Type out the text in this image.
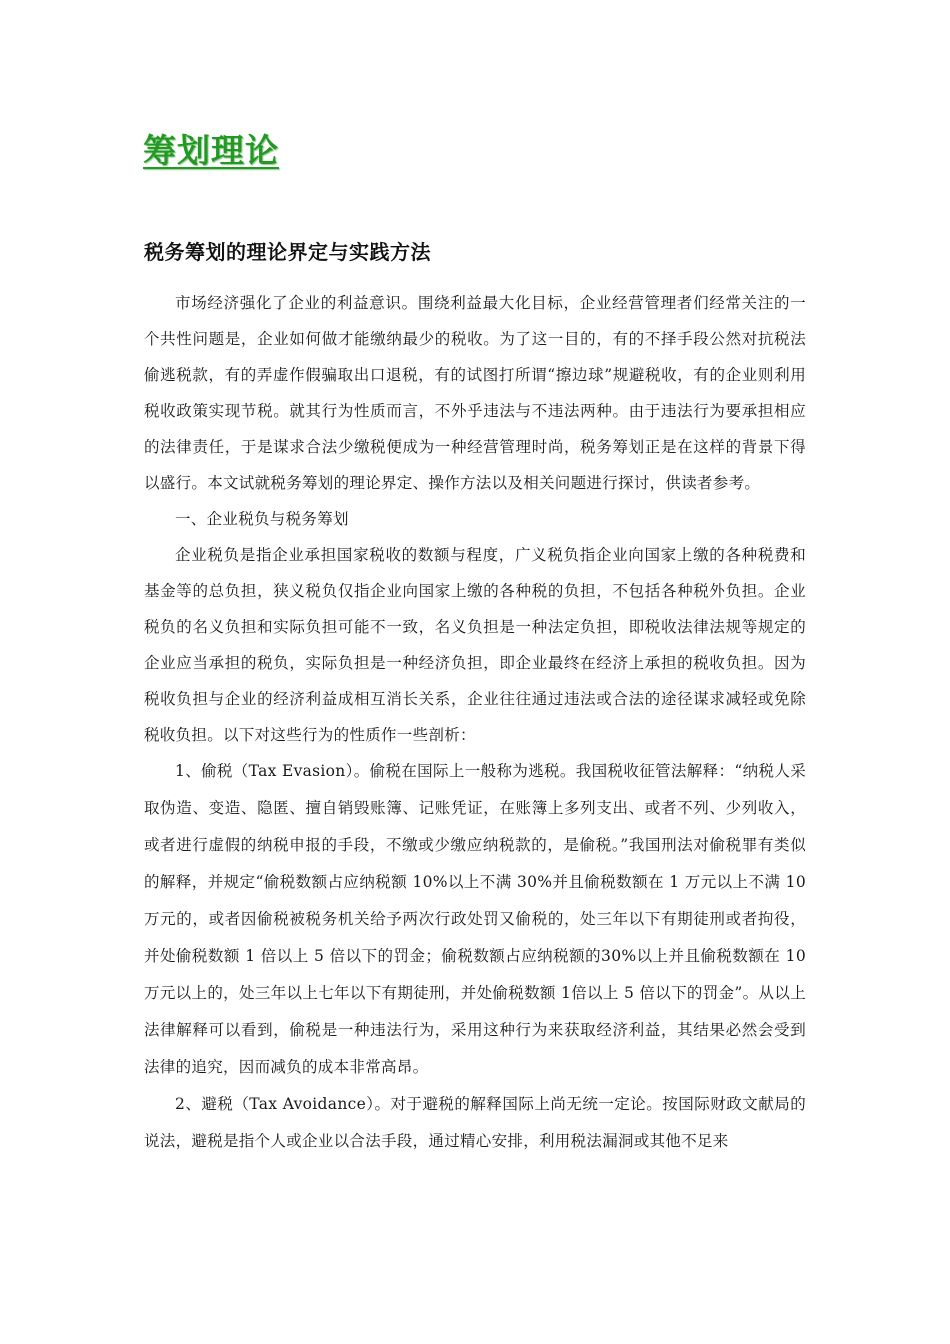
筹划理论
税务筹划的理论界定与实践方法

市场经济强化了企业的利益意识。围绕利益最大化目标，企业经营管理者们经常关注的一个共性问题是，企业如何做才能缴纳最少的税收。为了这一目的，有的不择手段公然对抗税法偷逃税款，有的弄虚作假骗取出口退税，有的试图打所谓“擦边球”规避税收，有的企业则利用税收政策实现节税。就其行为性质而言，不外乎违法与不违法两种。由于违法行为要承担相应的法律责任，于是谋求合法少缴税便成为一种经营管理时尚，税务筹划正是在这样的背景下得以盛行。本文试就税务筹划的理论界定、操作方法以及相关问题进行探讨，供读者参考。

一、企业税负与税务筹划

企业税负是指企业承担国家税收的数额与程度，广义税负指企业向国家上缴的各种税费和基金等的总负担，狭义税负仅指企业向国家上缴的各种税的负担，不包括各种税外负担。企业税负的名义负担和实际负担可能不一致，名义负担是一种法定负担，即税收法律法规等规定的企业应当承担的税负，实际负担是一种经济负担，即企业最终在经济上承担的税收负担。因为税收负担与企业的经济利益成相互消长关系，企业往往通过违法或合法的途径谋求减轻或免除税收负担。以下对这些行为的性质作一些剖析：

1、偷税（Tax Evasion）。偷税在国际上一般称为逃税。我国税收征管法解释：“纳税人采取伪造、变造、隐匿、擅自销毁账簿、记账凭证，在账簿上多列支出、或者不列、少列收入，或者进行虚假的纳税申报的手段，不缴或少缴应纳税款的，是偷税。”我国刑法对偷税罪有类似的解释，并规定“偷税数额占应纳税额 10%以上不满 30%并且偷税数额在 1 万元以上不满 10 万元的，或者因偷税被税务机关给予两次行政处罚又偷税的，处三年以下有期徒刑或者拘役，并处偷税数额 1 倍以上 5 倍以下的罚金；偷税数额占应纳税额的30%以上并且偷税数额在 10 万元以上的，处三年以上七年以下有期徒刑，并处偷税数额 1倍以上 5 倍以下的罚金”。从以上法律解释可以看到，偷税是一种违法行为，采用这种行为来获取经济利益，其结果必然会受到法律的追究，因而减负的成本非常高昂。

2、避税（Tax Avoidance）。对于避税的解释国际上尚无统一定论。按国际财政文献局的说法，避税是指个人或企业以合法手段，通过精心安排，利用税法漏洞或其他不足来
